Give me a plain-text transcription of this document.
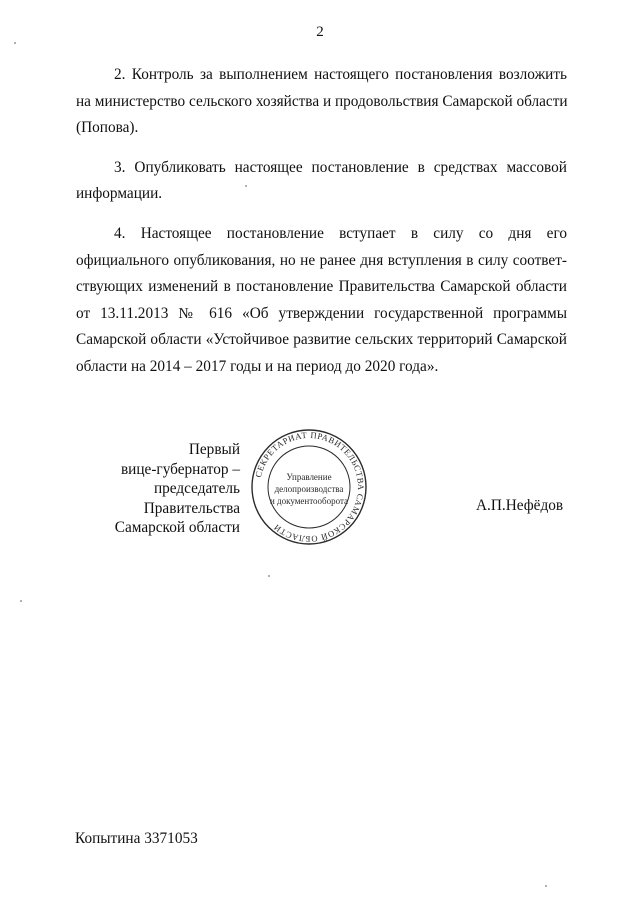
2
2. Контроль за выполнением настоящего постановления возложить
на министерство сельского хозяйства и продовольствия Самарской области
(Попова).
3. Опубликовать настоящее постановление в средствах массовой
информации.
4. Настоящее постановление вступает в силу со дня его
официального опубликования, но не ранее дня вступления в силу соответ-
ствующих изменений в постановление Правительства Самарской области
от 13.11.2013 № 616 «Об утверждении государственной программы
Самарской области «Устойчивое развитие сельских территорий Самарской
области на 2014 – 2017 годы и на период до 2020 года».
Первый
вице-губернатор –
председатель Правительства
Самарской области
СЕКРЕТАРИАТ ПРАВИТЕЛЬСТВА САМАРСКОЙ ОБЛАСТИ
Управление
делопроизводства
и документооборота	А.П.Нефёдов
Копытина 3371053
